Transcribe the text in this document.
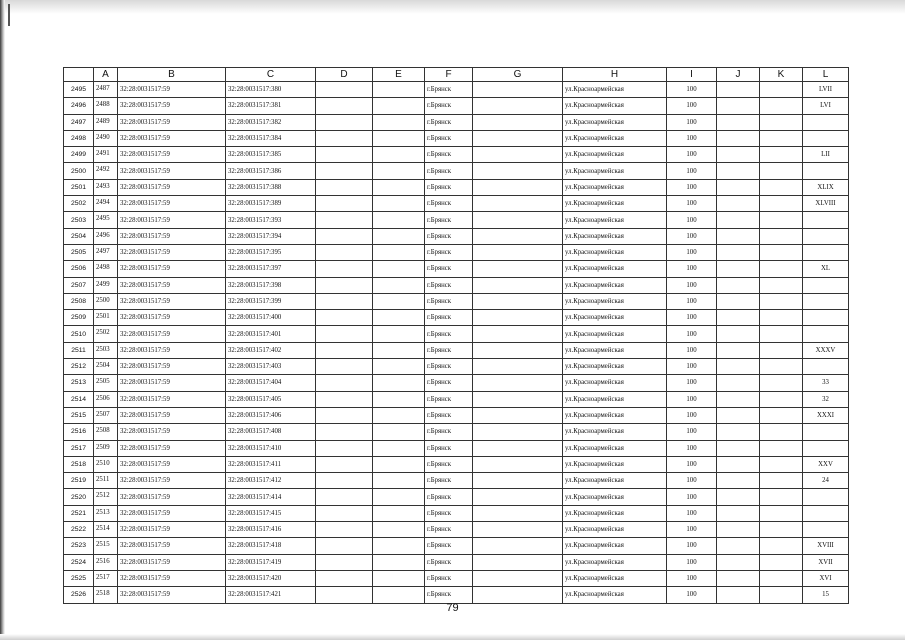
	A	B	C	D	E	F	G	H	I	J	K	L
2495	2487	32:28:0031517:59	32:28:0031517:380			г.Брянск		ул.Красноармейская	100			LVII
2496	2488	32:28:0031517:59	32:28:0031517:381			г.Брянск		ул.Красноармейская	100			LVI
2497	2489	32:28:0031517:59	32:28:0031517:382			г.Брянск		ул.Красноармейская	100			
2498	2490	32:28:0031517:59	32:28:0031517:384			г.Брянск		ул.Красноармейская	100			
2499	2491	32:28:0031517:59	32:28:0031517:385			г.Брянск		ул.Красноармейская	100			LII
2500	2492	32:28:0031517:59	32:28:0031517:386			г.Брянск		ул.Красноармейская	100			
2501	2493	32:28:0031517:59	32:28:0031517:388			г.Брянск		ул.Красноармейская	100			XLIX
2502	2494	32:28:0031517:59	32:28:0031517:389			г.Брянск		ул.Красноармейская	100			XLVIII
2503	2495	32:28:0031517:59	32:28:0031517:393			г.Брянск		ул.Красноармейская	100			
2504	2496	32:28:0031517:59	32:28:0031517:394			г.Брянск		ул.Красноармейская	100			
2505	2497	32:28:0031517:59	32:28:0031517:395			г.Брянск		ул.Красноармейская	100			
2506	2498	32:28:0031517:59	32:28:0031517:397			г.Брянск		ул.Красноармейская	100			XL
2507	2499	32:28:0031517:59	32:28:0031517:398			г.Брянск		ул.Красноармейская	100			
2508	2500	32:28:0031517:59	32:28:0031517:399			г.Брянск		ул.Красноармейская	100			
2509	2501	32:28:0031517:59	32:28:0031517:400			г.Брянск		ул.Красноармейская	100			
2510	2502	32:28:0031517:59	32:28:0031517:401			г.Брянск		ул.Красноармейская	100			
2511	2503	32:28:0031517:59	32:28:0031517:402			г.Брянск		ул.Красноармейская	100			XXXV
2512	2504	32:28:0031517:59	32:28:0031517:403			г.Брянск		ул.Красноармейская	100			
2513	2505	32:28:0031517:59	32:28:0031517:404			г.Брянск		ул.Красноармейская	100			33
2514	2506	32:28:0031517:59	32:28:0031517:405			г.Брянск		ул.Красноармейская	100			32
2515	2507	32:28:0031517:59	32:28:0031517:406			г.Брянск		ул.Красноармейская	100			XXXI
2516	2508	32:28:0031517:59	32:28:0031517:408			г.Брянск		ул.Красноармейская	100			
2517	2509	32:28:0031517:59	32:28:0031517:410			г.Брянск		ул.Красноармейская	100			
2518	2510	32:28:0031517:59	32:28:0031517:411			г.Брянск		ул.Красноармейская	100			XXV
2519	2511	32:28:0031517:59	32:28:0031517:412			г.Брянск		ул.Красноармейская	100			24
2520	2512	32:28:0031517:59	32:28:0031517:414			г.Брянск		ул.Красноармейская	100			
2521	2513	32:28:0031517:59	32:28:0031517:415			г.Брянск		ул.Красноармейская	100			
2522	2514	32:28:0031517:59	32:28:0031517:416			г.Брянск		ул.Красноармейская	100			
2523	2515	32:28:0031517:59	32:28:0031517:418			г.Брянск		ул.Красноармейская	100			XVIII
2524	2516	32:28:0031517:59	32:28:0031517:419			г.Брянск		ул.Красноармейская	100			XVII
2525	2517	32:28:0031517:59	32:28:0031517:420			г.Брянск		ул.Красноармейская	100			XVI
2526	2518	32:28:0031517:59	32:28:0031517:421			г.Брянск		ул.Красноармейская	100			15
79
